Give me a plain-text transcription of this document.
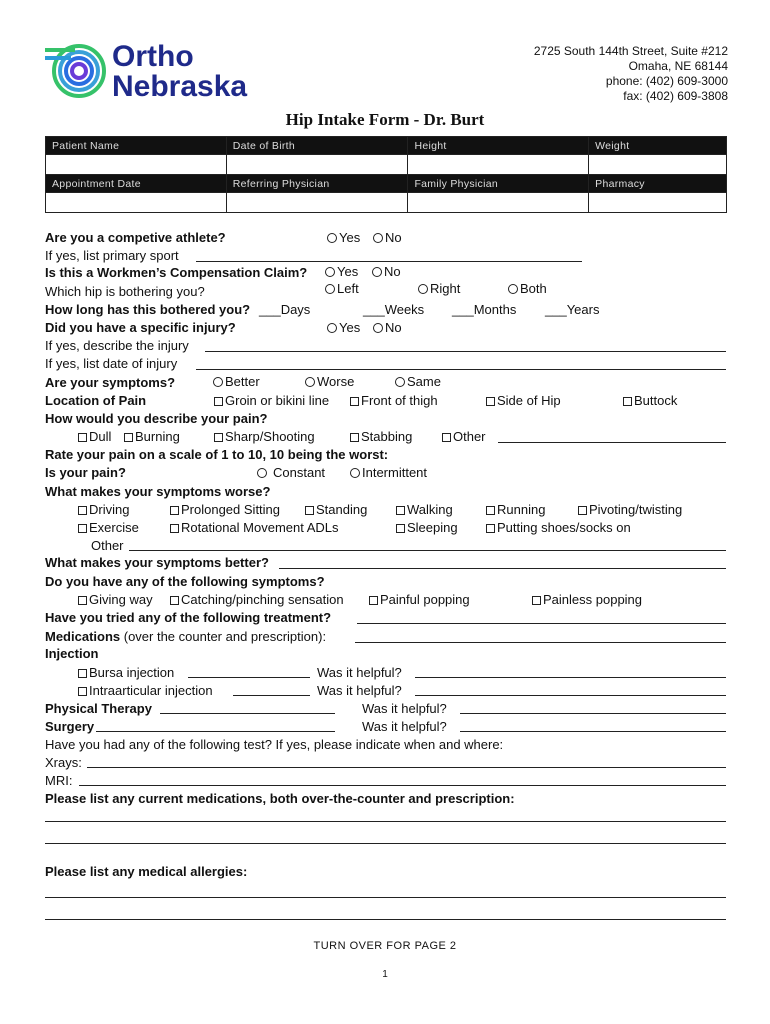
Ortho
Nebraska
2725 South 144th Street, Suite #212
Omaha, NE 68144
phone: (402) 609-3000
fax: (402) 609-3808
Hip Intake Form - Dr. Burt
Patient Name	Date of Birth	Height	Weight

Appointment Date	Referring Physician	Family Physician	Pharmacy

Are you a competive athlete?	Yes	No
If yes, list primary sport
Is this a Workmen’s Compensation Claim?	Yes	No
Which hip is bothering you?	Left	Right	Both
How long has this bothered you? ___Days	___Weeks ___Months ___Years
Did you have a specific injury?	Yes	No
If yes, describe the injury
If yes, list date of injury
Are your symptoms?	Better	Worse	Same
Location of Pain	Groin or bikini line	Front of thigh	Side of Hip	Buttock
How would you describe your pain?
Dull	Burning	Sharp/Shooting	Stabbing	Other
Rate your pain on a scale of 1 to 10, 10 being the worst:
Is your pain?	Constant	Intermittent
What makes your symptoms worse?
Driving	Prolonged Sitting	Standing	Walking	Running	Pivoting/twisting
Exercise	Rotational Movement ADLs	Sleeping	Putting shoes/socks on
Other
What makes your symptoms better?
Do you have any of the following symptoms?
Giving way	Catching/pinching sensation	Painful popping	Painless popping
Have you tried any of the following treatment?
Medications (over the counter and prescription):
Injection
Bursa injection	Was it helpful?
Intraarticular injection	Was it helpful?
Physical Therapy	Was it helpful?
Surgery	Was it helpful?
Have you had any of the following test? If yes, please indicate when and where:
Xrays:
MRI:
Please list any current medications, both over-the-counter and prescription:
Please list any medical allergies:
TURN OVER FOR PAGE 2
1
